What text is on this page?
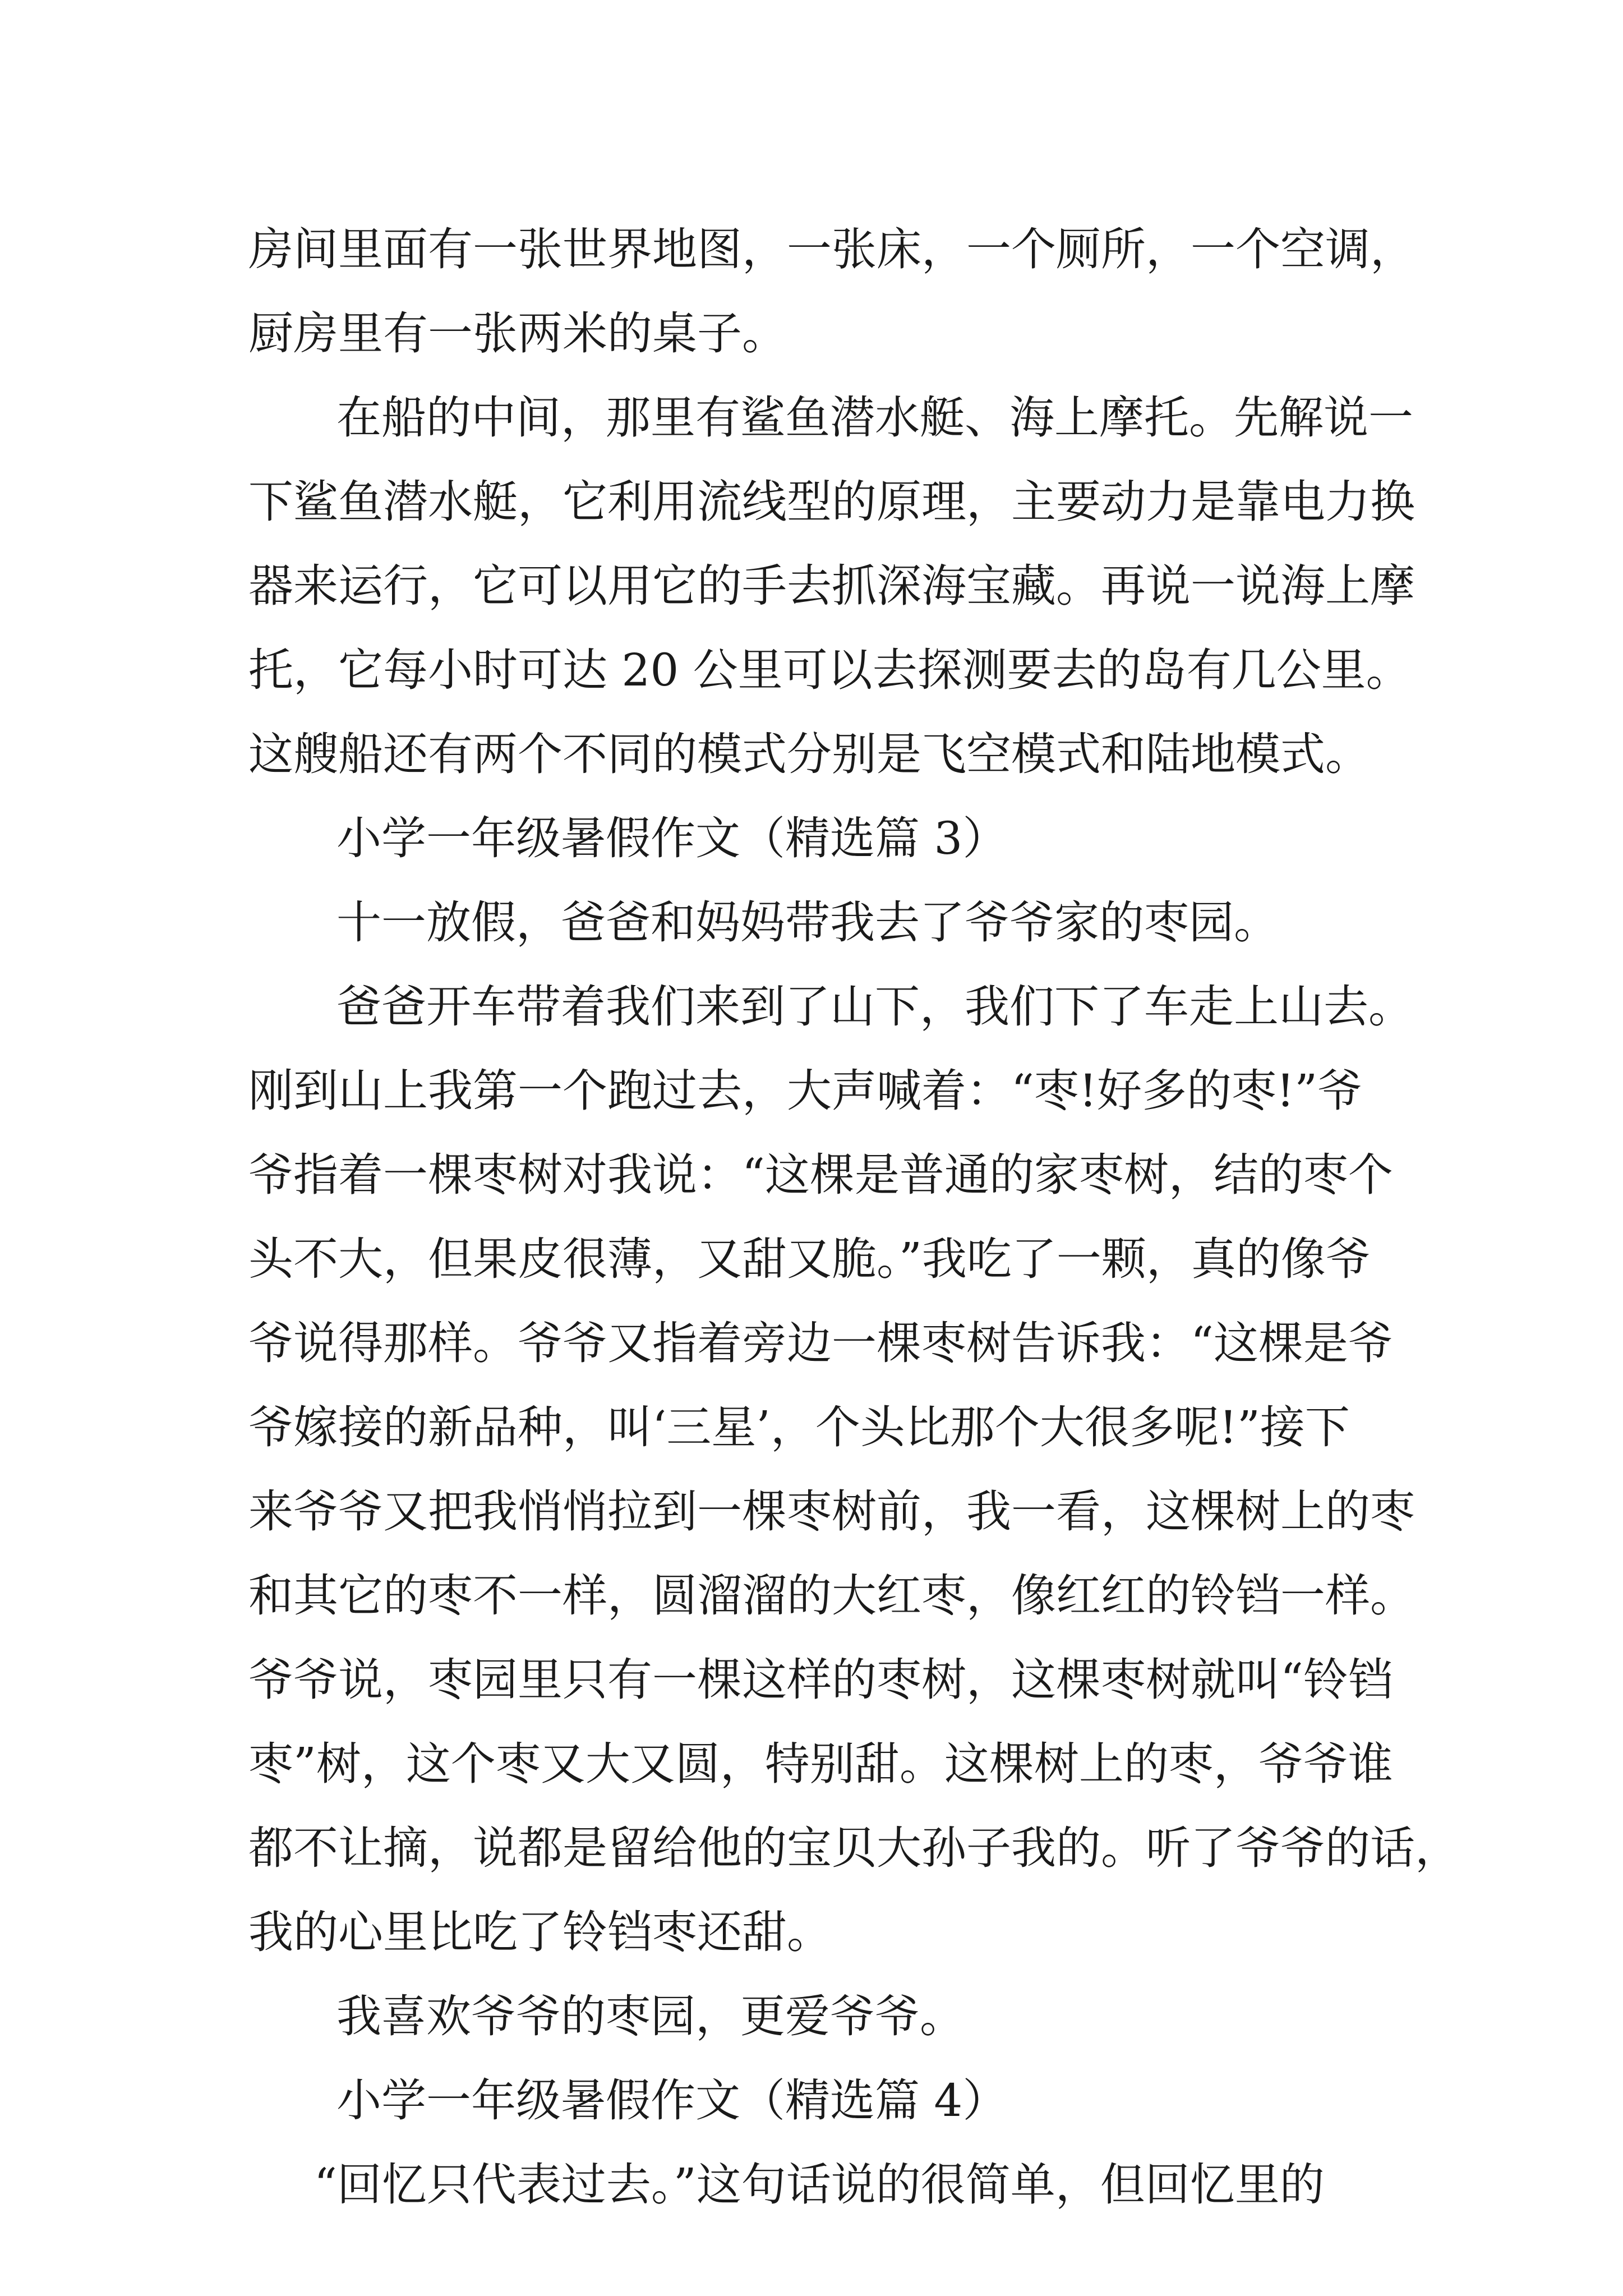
房间里面有一张世界地图，一张床，一个厕所，一个空调，
厨房里有一张两米的桌子。
在船的中间，那里有鲨鱼潜水艇、海上摩托。先解说一
下鲨鱼潜水艇，它利用流线型的原理，主要动力是靠电力换
器来运行，它可以用它的手去抓深海宝藏。再说一说海上摩
托，它每小时可达 20 公里可以去探测要去的岛有几公里。
这艘船还有两个不同的模式分别是飞空模式和陆地模式。
小学一年级暑假作文（精选篇 3）
十一放假，爸爸和妈妈带我去了爷爷家的枣园。
爸爸开车带着我们来到了山下，我们下了车走上山去。
刚到山上我第一个跑过去，大声喊着：“枣!好多的枣!”爷
爷指着一棵枣树对我说：“这棵是普通的家枣树，结的枣个
头不大，但果皮很薄，又甜又脆。”我吃了一颗，真的像爷
爷说得那样。爷爷又指着旁边一棵枣树告诉我：“这棵是爷
爷嫁接的新品种，叫‘三星’，个头比那个大很多呢!”接下
来爷爷又把我悄悄拉到一棵枣树前，我一看，这棵树上的枣
和其它的枣不一样，圆溜溜的大红枣，像红红的铃铛一样。
爷爷说，枣园里只有一棵这样的枣树，这棵枣树就叫“铃铛
枣”树，这个枣又大又圆，特别甜。这棵树上的枣，爷爷谁
都不让摘，说都是留给他的宝贝大孙子我的。听了爷爷的话，
我的心里比吃了铃铛枣还甜。
我喜欢爷爷的枣园，更爱爷爷。
小学一年级暑假作文（精选篇 4）
“回忆只代表过去。”这句话说的很简单，但回忆里的
